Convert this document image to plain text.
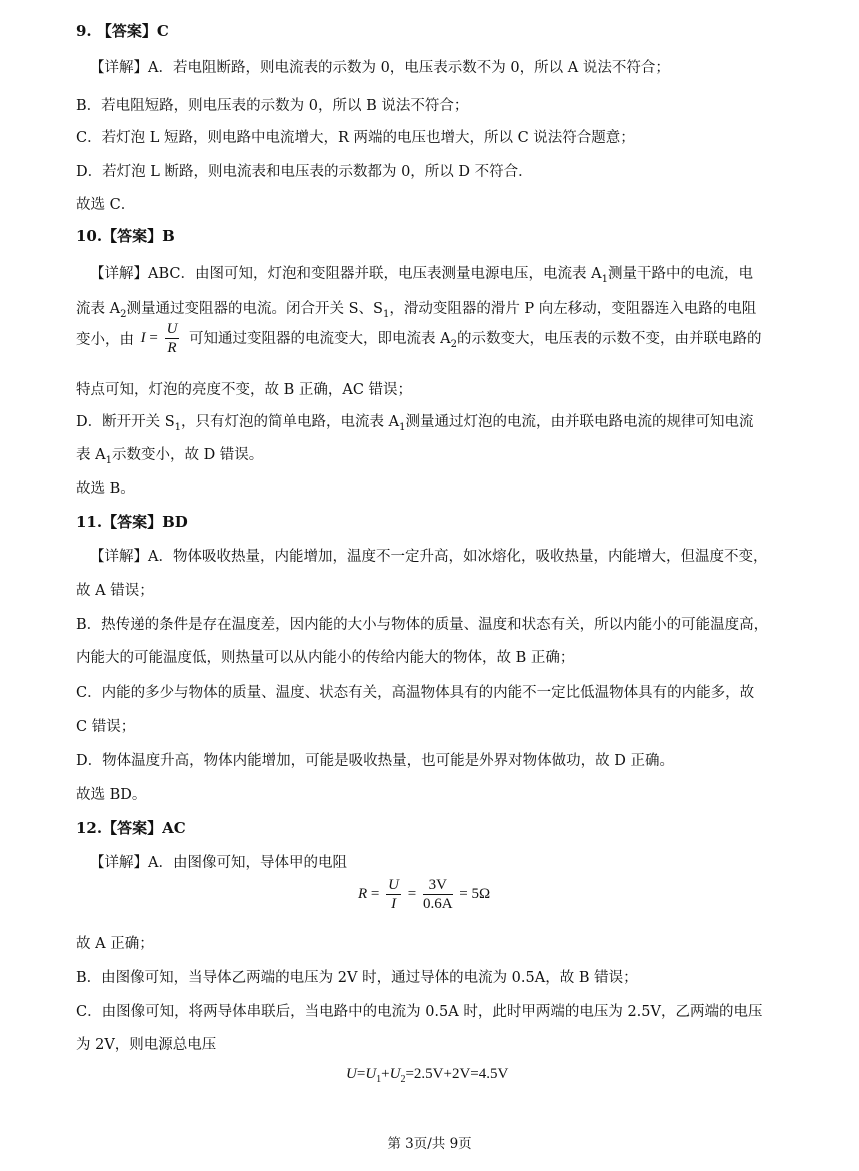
9. 【答案】C
【详解】A．若电阻断路，则电流表的示数为 0，电压表示数不为 0，所以 A 说法不符合；
B．若电阻短路，则电压表的示数为 0，所以 B 说法不符合；
C．若灯泡 L 短路，则电路中电流增大，R 两端的电压也增大，所以 C 说法符合题意；
D．若灯泡 L 断路，则电流表和电压表的示数都为 0，所以 D 不符合．
故选 C．
10.【答案】B
【详解】ABC．由图可知，灯泡和变阻器并联，电压表测量电源电压，电流表 $A_1$测量干路中的电流，电
流表 $A_2$测量通过变阻器的电流。闭合开关 S、$S_1$，滑动变阻器的滑片 P 向左移动，变阻器连入电路的电阻
变小，由 $I = \frac{U}{R}$ 可知通过变阻器的电流变大，即电流表 $A_2$的示数变大，电压表的示数不变，由并联电路的
特点可知，灯泡的亮度不变，故 B 正确，AC 错误；
D．断开开关 $S_1$，只有灯泡的简单电路，电流表 $A_1$测量通过灯泡的电流，由并联电路电流的规律可知电流
表 $A_1$示数变小，故 D 错误。
故选 B。
11.【答案】BD
【详解】A．物体吸收热量，内能增加，温度不一定升高，如冰熔化，吸收热量，内能增大，但温度不变，
故 A 错误；
B．热传递的条件是存在温度差，因内能的大小与物体的质量、温度和状态有关，所以内能小的可能温度高，
内能大的可能温度低，则热量可以从内能小的传给内能大的物体，故 B 正确；
C．内能的多少与物体的质量、温度、状态有关，高温物体具有的内能不一定比低温物体具有的内能多，故
C 错误；
D．物体温度升高，物体内能增加，可能是吸收热量，也可能是外界对物体做功，故 D 正确。
故选 BD。
12.【答案】AC
【详解】A．由图像可知，导体甲的电阻
$R = \frac{U}{I} = \frac{3V}{0.6A} = 5\Omega$
故 A 正确；
B．由图像可知，当导体乙两端的电压为 2V 时，通过导体的电流为 0.5A，故 B 错误；
C．由图像可知，将两导体串联后，当电路中的电流为 0.5A 时，此时甲两端的电压为 2.5V，乙两端的电压
为 2V，则电源总电压
$U=U_1+U_2=2.5V+2V=4.5V$
第 3页/共 9页
